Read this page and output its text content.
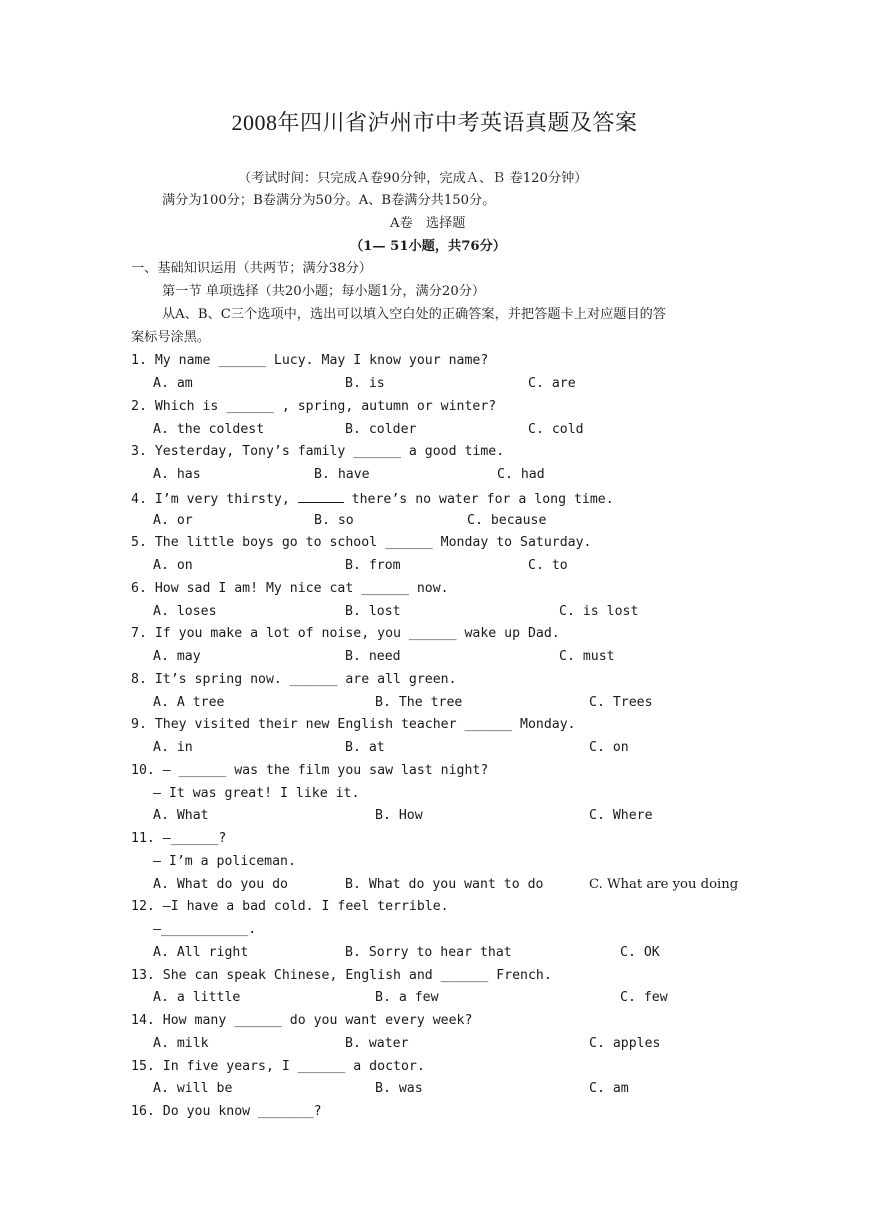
2008年四川省泸州市中考英语真题及答案
（考试时间：只完成Ａ卷90分钟，完成Ａ、Ｂ 卷120分钟）
满分为100分；B卷满分为50分。A、B卷满分共150分。
A卷　选择题
（1— 51小题，共76分）
一、基础知识运用（共两节；满分38分）
第一节 单项选择（共20小题；每小题1分，满分20分）
从A、B、C三个选项中，选出可以填入空白处的正确答案，并把答题卡上对应题目的答
案标号涂黑。
1. My name ______ Lucy. May I know your name?
A. am	B. is	C. are
2. Which is ______ , spring, autumn or winter?
A. the coldest	B. colder	C. cold
3. Yesterday, Tony’s family ______ a good time.
A. has	B. have	C. had
4. I’m very thirsty,	there’s no water for a long time.
A. or	B. so	C. because
5. The little boys go to school ______ Monday to Saturday.
A. on	B. from	C. to
6. How sad I am! My nice cat ______ now.
A. loses	B. lost	C. is lost
7. If you make a lot of noise, you ______ wake up Dad.
A. may	B. need	C. must
8. It’s spring now. ______ are all green.
A. A tree	B. The tree	C. Trees
9. They visited their new English teacher ______ Monday.
A. in	B. at	C. on
10. — ______ was the film you saw last night?
— It was great! I like it.
A. What	B. How	C. Where
11. —______?
— I’m a policeman.
A. What do you do	B. What do you want to do	C. What are you doing
12. —I have a bad cold. I feel terrible.
—___________.
A. All right	B. Sorry to hear that	C. OK
13. She can speak Chinese, English and ______ French.
A. a little	B. a few	C. few
14. How many ______ do you want every week?
A. milk	B. water	C. apples
15. In five years, I ______ a doctor.
A. will be	B. was	C. am
16. Do you know _______?
